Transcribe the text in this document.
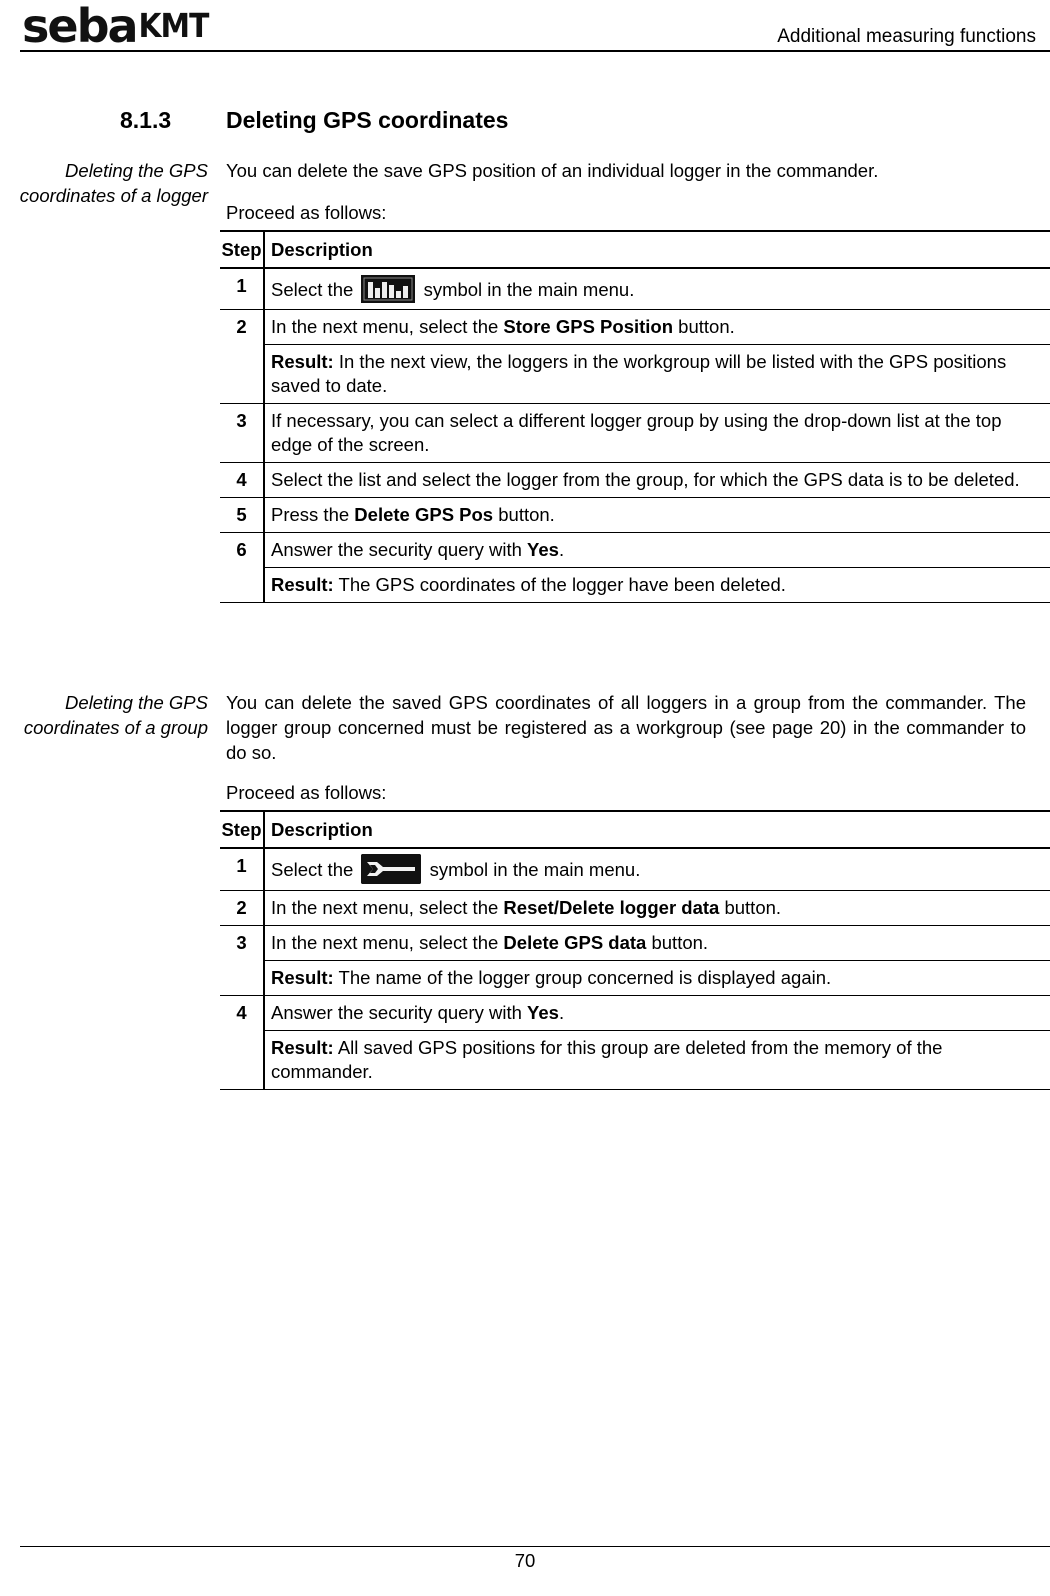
seba KMT	Additional measuring functions
8.1.3 Deleting GPS coordinates
Deleting the GPS
coordinates of a logger
You can delete the save GPS position of an individual logger in the commander.
Proceed as follows:
Step	Description
1	Select the symbol in the main menu.
2	In the next menu, select the Store GPS Position button.
	Result: In the next view, the loggers in the workgroup will be listed with the GPS positions saved to date.
3	If necessary, you can select a different logger group by using the drop-down list at the top edge of the screen.
4	Select the list and select the logger from the group, for which the GPS data is to be deleted.
5	Press the Delete GPS Pos button.
6	Answer the security query with Yes.
	Result: The GPS coordinates of the logger have been deleted.
Deleting the GPS
coordinates of a group
You can delete the saved GPS coordinates of all loggers in a group from the commander. The logger group concerned must be registered as a workgroup (see page 20) in the commander to do so.
Proceed as follows:
Step	Description
1	Select the symbol in the main menu.
2	In the next menu, select the Reset/Delete logger data button.
3	In the next menu, select the Delete GPS data button.
	Result: The name of the logger group concerned is displayed again.
4	Answer the security query with Yes.
	Result: All saved GPS positions for this group are deleted from the memory of the commander.
70
